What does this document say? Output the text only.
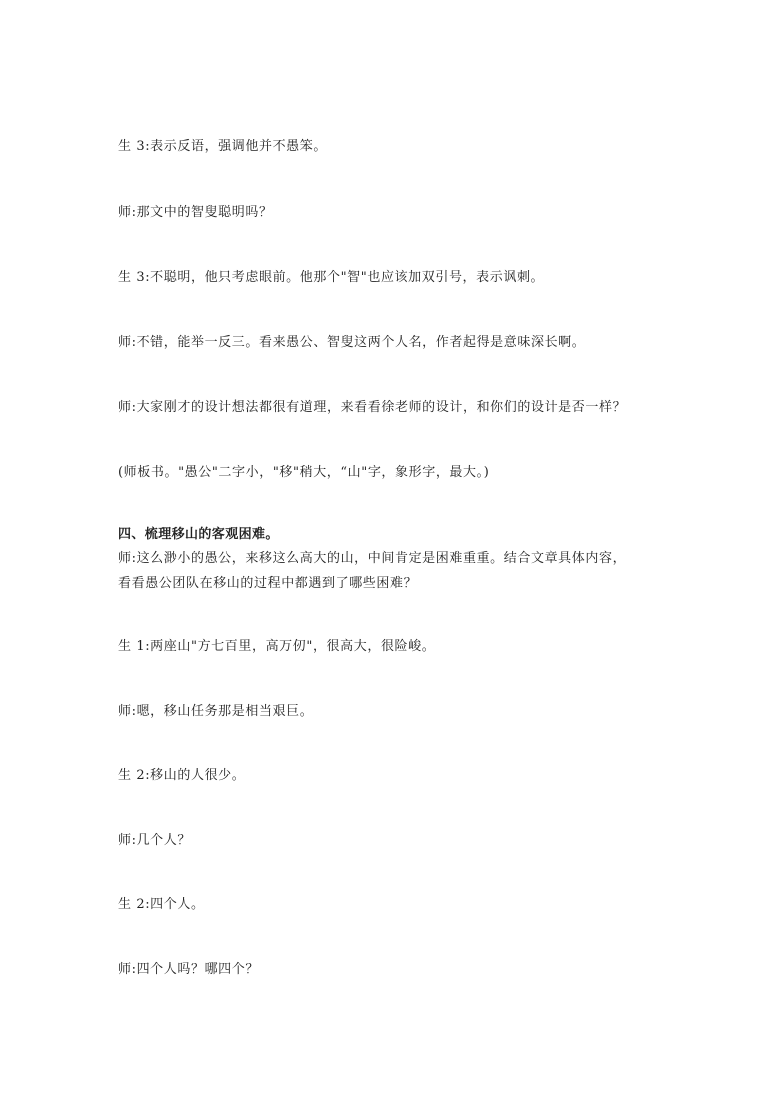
生 3:表示反语，强调他并不愚笨。
师:那文中的智叟聪明吗？
生 3:不聪明，他只考虑眼前。他那个"智"也应该加双引号，表示讽刺。
师:不错，能举一反三。看来愚公、智叟这两个人名，作者起得是意味深长啊。
师:大家刚才的设计想法都很有道理，来看看徐老师的设计，和你们的设计是否一样？
(师板书。"愚公"二字小，"移"稍大，“山"字，象形字，最大。)
四、梳理移山的客观困难。
师:这么渺小的愚公，来移这么高大的山，中间肯定是困难重重。结合文章具体内容，
看看愚公团队在移山的过程中都遇到了哪些困难？
生 1:两座山"方七百里，高万仞"，很高大，很险峻。
师:嗯，移山任务那是相当艰巨。
生 2:移山的人很少。
师:几个人？
生 2:四个人。
师:四个人吗？哪四个？
